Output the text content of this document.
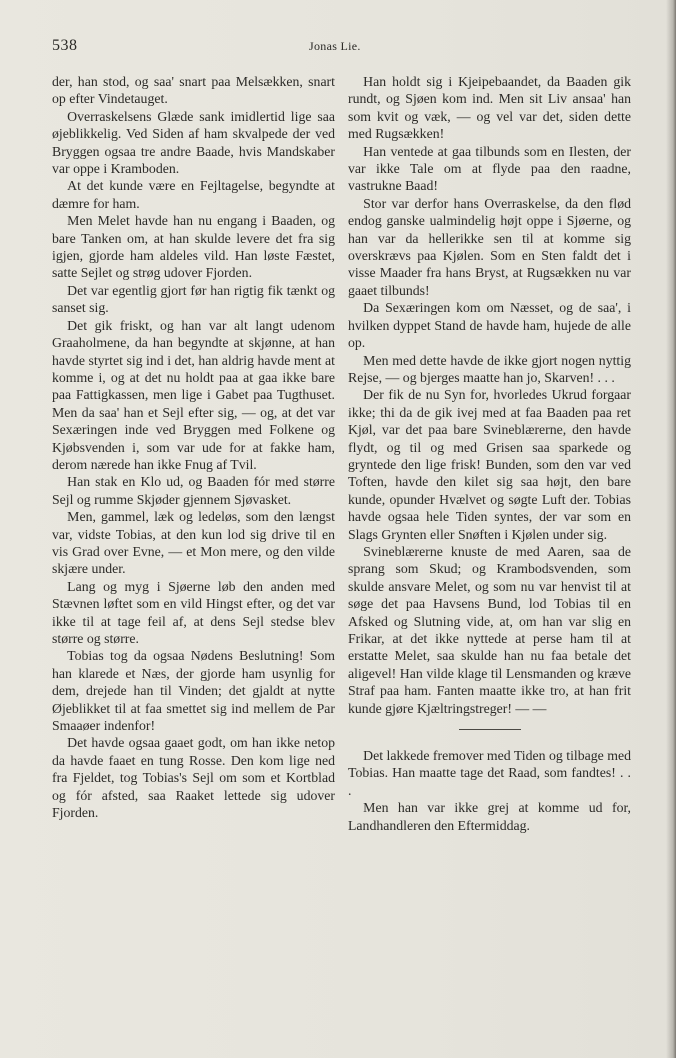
538	Jonas Lie.

der, han stod, og saa' snart paa Melsækken, snart op efter Vindetauget.

Overraskelsens Glæde sank imidlertid lige saa øjeblikkelig. Ved Siden af ham skvalpede der ved Bryggen ogsaa tre andre Baade, hvis Mandskaber var oppe i Kramboden.

At det kunde være en Fejltagelse, begyndte at dæmre for ham.

Men Melet havde han nu engang i Baaden, og bare Tanken om, at han skulde levere det fra sig igjen, gjorde ham aldeles vild. Han løste Fæstet, satte Sejlet og strøg udover Fjorden.

Det var egentlig gjort før han rigtig fik tænkt og sanset sig.

Det gik friskt, og han var alt langt udenom Graaholmene, da han begyndte at skjønne, at han havde styrtet sig ind i det, han aldrig havde ment at komme i, og at det nu holdt paa at gaa ikke bare paa Fattigkassen, men lige i Gabet paa Tugthuset. Men da saa' han et Sejl efter sig, — og, at det var Sexæringen inde ved Bryggen med Folkene og Kjøbsvenden i, som var ude for at fakke ham, derom nærede han ikke Fnug af Tvil.

Han stak en Klo ud, og Baaden fór med større Sejl og rumme Skjøder gjennem Sjøvasket.

Men, gammel, læk og ledeløs, som den længst var, vidste Tobias, at den kun lod sig drive til en vis Grad over Evne, — et Mon mere, og den vilde skjære under.

Lang og myg i Sjøerne løb den anden med Stævnen løftet som en vild Hingst efter, og det var ikke til at tage feil af, at dens Sejl stedse blev større og større.

Tobias tog da ogsaa Nødens Beslutning! Som han klarede et Næs, der gjorde ham usynlig for dem, drejede han til Vinden; det gjaldt at nytte Øjeblikket til at faa smettet sig ind mellem de Par Smaaøer indenfor!

Det havde ogsaa gaaet godt, om han ikke netop da havde faaet en tung Rosse. Den kom lige ned fra Fjeldet, tog Tobias's Sejl om som et Kortblad og fór afsted, saa Raaket lettede sig udover Fjorden.

Han holdt sig i Kjeipebaandet, da Baaden gik rundt, og Sjøen kom ind. Men sit Liv ansaa' han som kvit og væk, — og vel var det, siden dette med Rugsækken!

Han ventede at gaa tilbunds som en Ilesten, der var ikke Tale om at flyde paa den raadne, vastrukne Baad!

Stor var derfor hans Overraskelse, da den flød endog ganske ualmindelig højt oppe i Sjøerne, og han var da hellerikke sen til at komme sig overskrævs paa Kjølen. Som en Sten faldt det i visse Maader fra hans Bryst, at Rugsækken nu var gaaet tilbunds!

Da Sexæringen kom om Næsset, og de saa', i hvilken dyppet Stand de havde ham, hujede de alle op.

Men med dette havde de ikke gjort nogen nyttig Rejse, — og bjerges maatte han jo, Skarven! . . .

Der fik de nu Syn for, hvorledes Ukrud forgaar ikke; thi da de gik ivej med at faa Baaden paa ret Kjøl, var det paa bare Svineblærerne, den havde flydt, og til og med Grisen saa sparkede og gryntede den lige frisk! Bunden, som den var ved Toften, havde den kilet sig saa højt, den bare kunde, opunder Hvælvet og søgte Luft der. Tobias havde ogsaa hele Tiden syntes, der var som en Slags Grynten eller Snøften i Kjølen under sig.

Svineblærerne knuste de med Aaren, saa de sprang som Skud; og Krambodsvenden, som skulde ansvare Melet, og som nu var henvist til at søge det paa Havsens Bund, lod Tobias til en Afsked og Slutning vide, at, om han var slig en Frikar, at det ikke nyttede at perse ham til at erstatte Melet, saa skulde han nu faa betale det aligevel! Han vilde klage til Lensmanden og kræve Straf paa ham. Fanten maatte ikke tro, at han frit kunde gjøre Kjæltringstreger! — —

Det lakkede fremover med Tiden og tilbage med Tobias. Han maatte tage det Raad, som fandtes! . . .

Men han var ikke grej at komme ud for, Landhandleren den Eftermiddag.
